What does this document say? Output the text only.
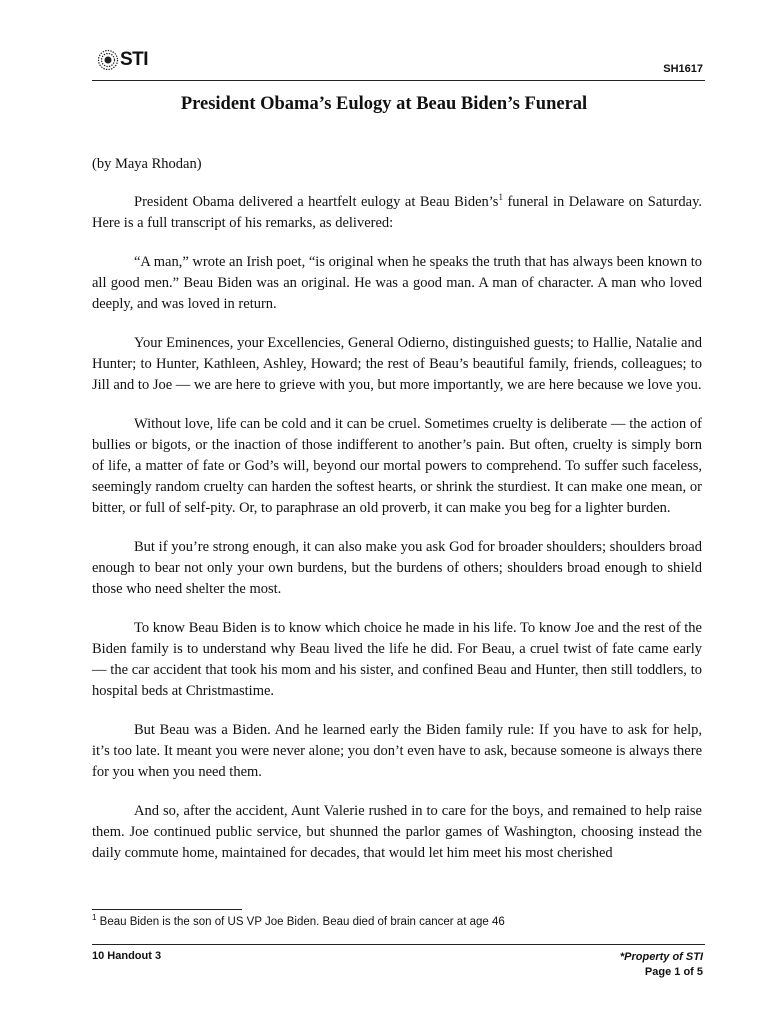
STI	SH1617
President Obama’s Eulogy at Beau Biden’s Funeral

(by Maya Rhodan)

President Obama delivered a heartfelt eulogy at Beau $Biden’s^1$ funeral in Delaware on Saturday. Here is a full transcript of his remarks, as delivered:

“A man,” wrote an Irish poet, “is original when he speaks the truth that has always been known to all good men.” Beau Biden was an original. He was a good man. A man of character. A man who loved deeply, and was loved in return.

Your Eminences, your Excellencies, General Odierno, distinguished guests; to Hallie, Natalie and Hunter; to Hunter, Kathleen, Ashley, Howard; the rest of Beau’s beautiful family, friends, colleagues; to Jill and to Joe — we are here to grieve with you, but more importantly, we are here because we love you.

Without love, life can be cold and it can be cruel. Sometimes cruelty is deliberate — the action of bullies or bigots, or the inaction of those indifferent to another’s pain. But often, cruelty is simply born of life, a matter of fate or God’s will, beyond our mortal powers to comprehend. To suffer such faceless, seemingly random cruelty can harden the softest hearts, or shrink the sturdiest. It can make one mean, or bitter, or full of self-pity. Or, to paraphrase an old proverb, it can make you beg for a lighter burden.

But if you’re strong enough, it can also make you ask God for broader shoulders; shoulders broad enough to bear not only your own burdens, but the burdens of others; shoulders broad enough to shield those who need shelter the most.

To know Beau Biden is to know which choice he made in his life. To know Joe and the rest of the Biden family is to understand why Beau lived the life he did. For Beau, a cruel twist of fate came early — the car accident that took his mom and his sister, and confined Beau and Hunter, then still toddlers, to hospital beds at Christmastime.

But Beau was a Biden. And he learned early the Biden family rule: If you have to ask for help, it’s too late. It meant you were never alone; you don’t even have to ask, because someone is always there for you when you need them.

And so, after the accident, Aunt Valerie rushed in to care for the boys, and remained to help raise them. Joe continued public service, but shunned the parlor games of Washington, choosing instead the daily commute home, maintained for decades, that would let him meet his most cherished

$^1$ Beau Biden is the son of US VP Joe Biden. Beau died of brain cancer at age 46

10 Handout 3	*Property of STI
Page 1 of 5
